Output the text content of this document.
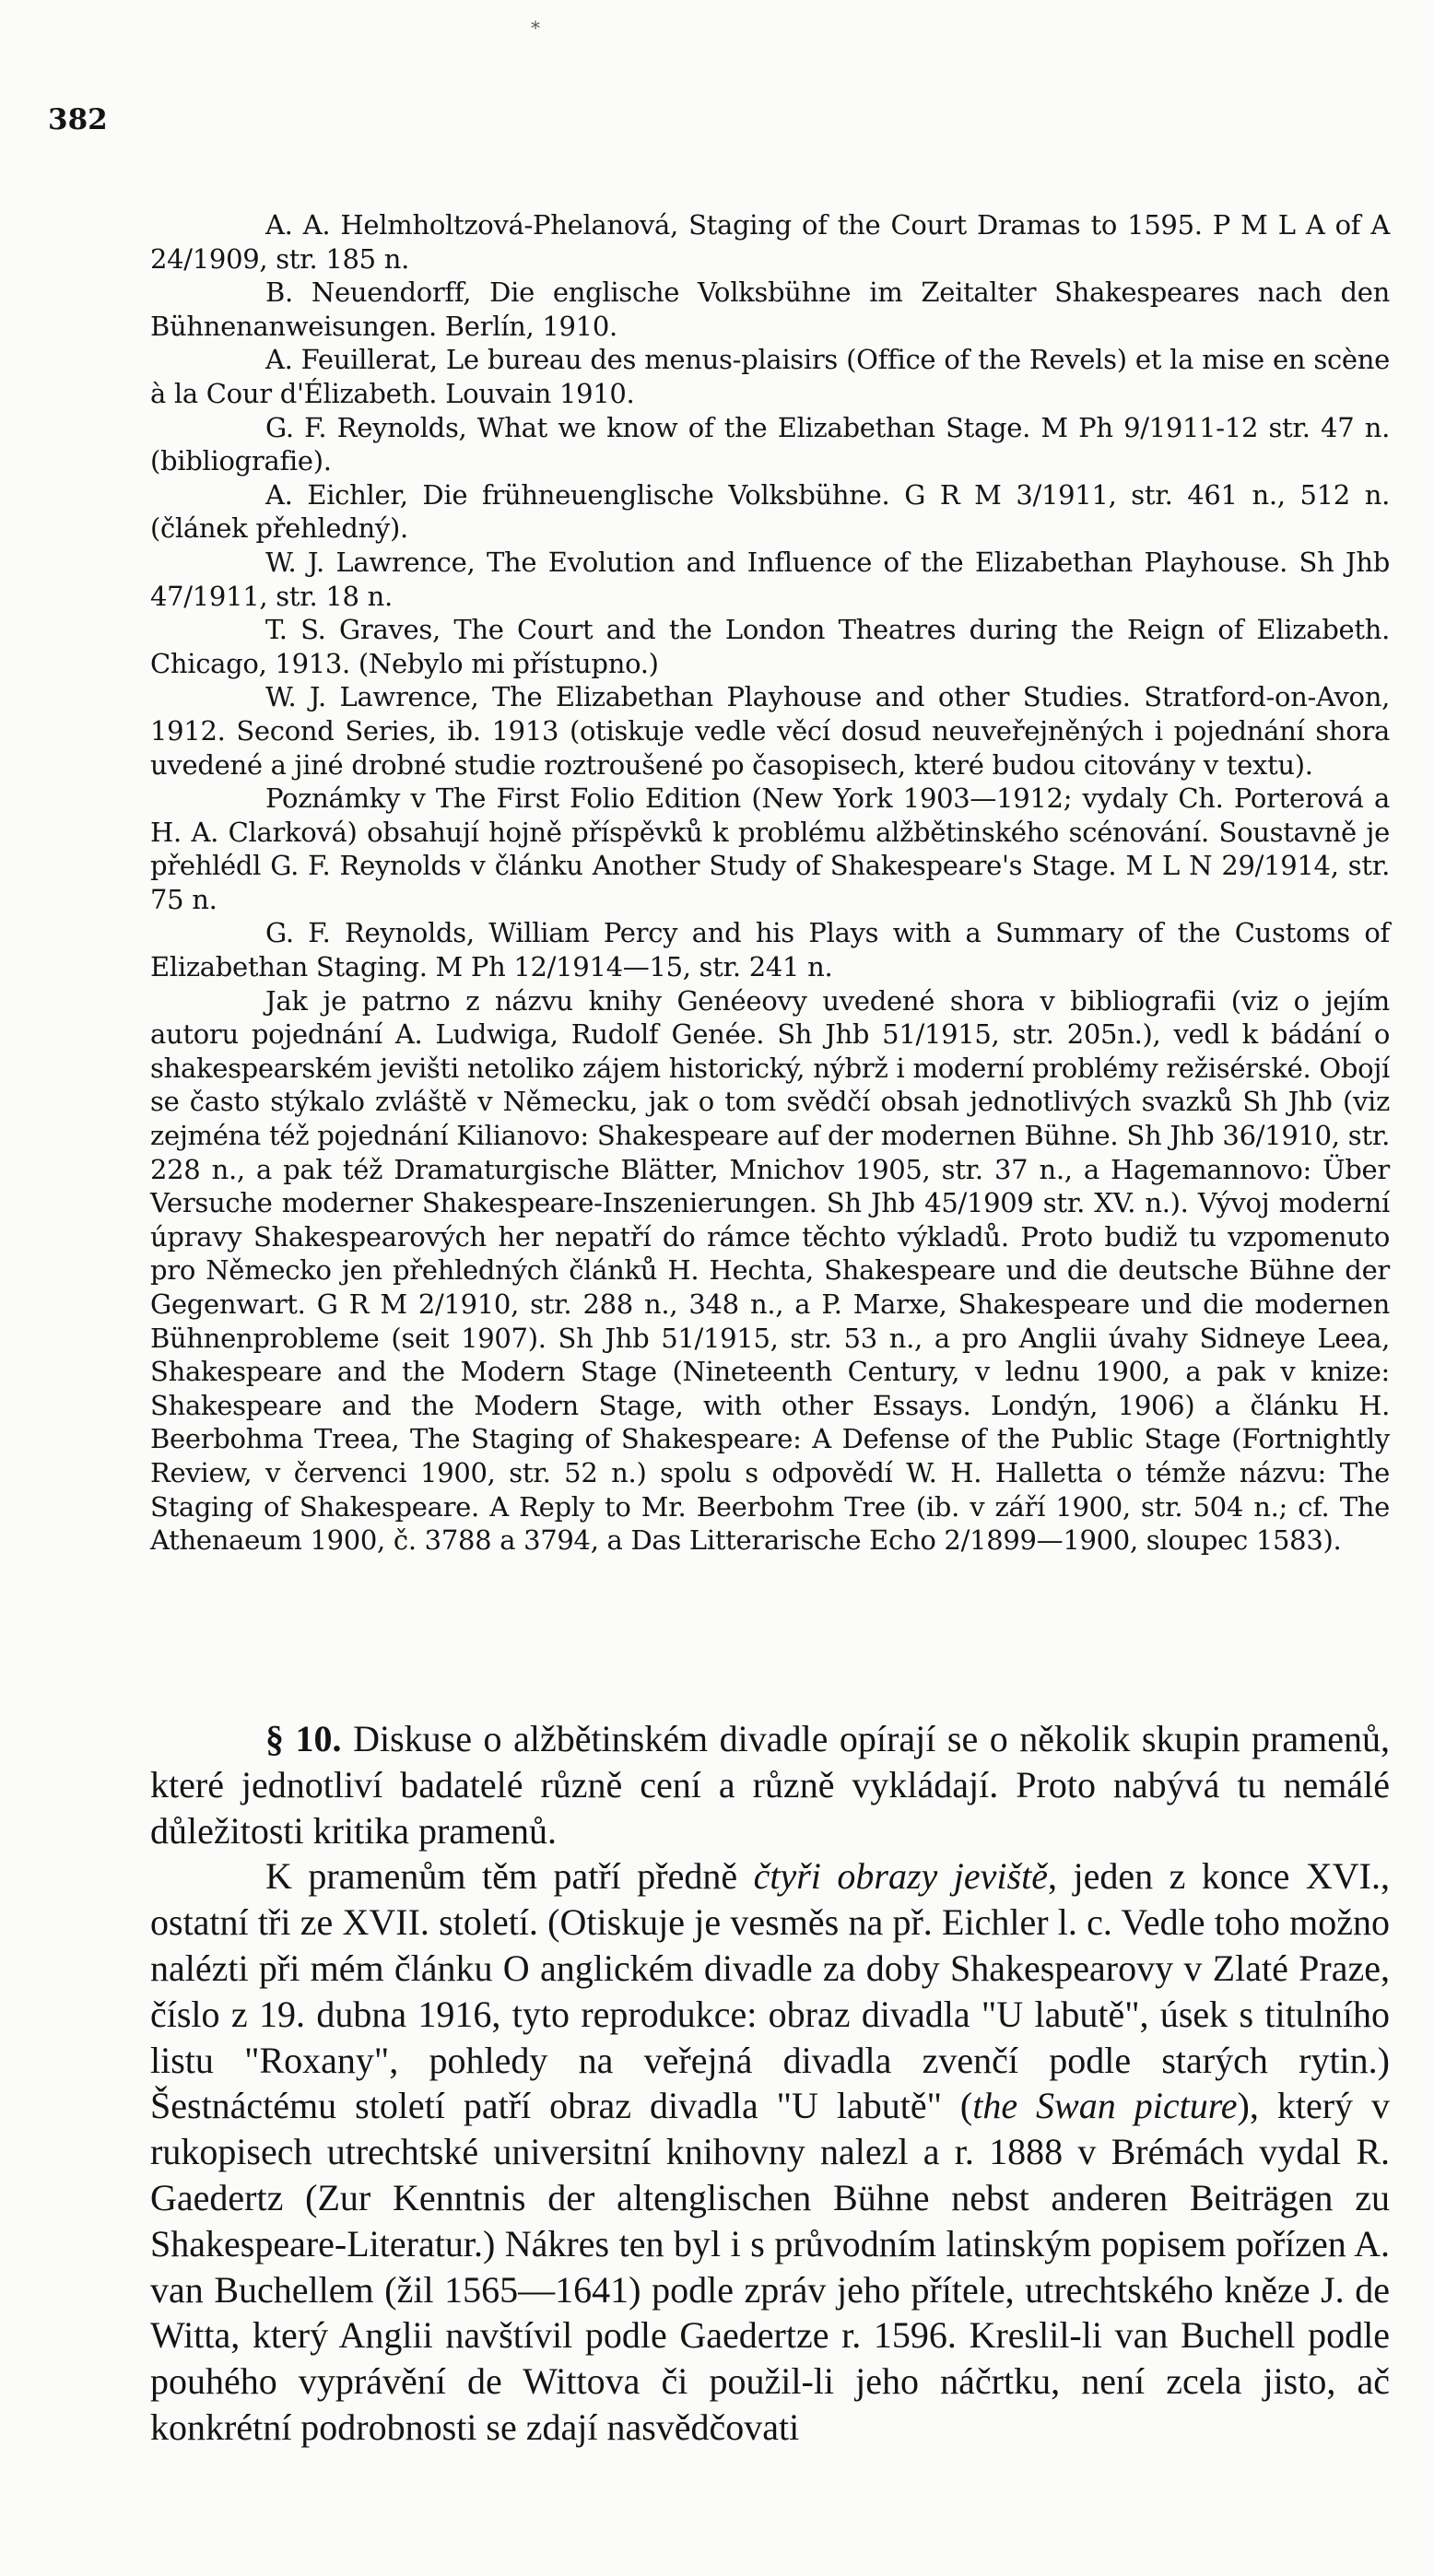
*
382

A. A. Helmholtzová-Phelanová, Staging of the Court Dramas to 1595. P M L A of A 24/1909, str. 185 n.

B. Neuendorff, Die englische Volksbühne im Zeitalter Shakespeares nach den Bühnenanweisungen. Berlín, 1910.

A. Feuillerat, Le bureau des menus-plaisirs (Office of the Revels) et la mise en scène à la Cour d'Élizabeth. Louvain 1910.

G. F. Reynolds, What we know of the Elizabethan Stage. M Ph 9/1911-12 str. 47 n. (bibliografie).

A. Eichler, Die frühneuenglische Volksbühne. G R M 3/1911, str. 461 n., 512 n. (článek přehledný).

W. J. Lawrence, The Evolution and Influence of the Elizabethan Playhouse. Sh Jhb 47/1911, str. 18 n.

T. S. Graves, The Court and the London Theatres during the Reign of Elizabeth. Chicago, 1913. (Nebylo mi přístupno.)

W. J. Lawrence, The Elizabethan Playhouse and other Studies. Stratford-on-Avon, 1912. Second Series, ib. 1913 (otiskuje vedle věcí dosud neuveřejněných i pojednání shora uvedené a jiné drobné studie roztroušené po časopisech, které budou citovány v textu).

Poznámky v The First Folio Edition (New York 1903—1912; vydaly Ch. Porterová a H. A. Clarková) obsahují hojně příspěvků k problému alžbětinského scénování. Soustavně je přehlédl G. F. Reynolds v článku Another Study of Shakespeare's Stage. M L N 29/1914, str. 75 n.

G. F. Reynolds, William Percy and his Plays with a Summary of the Customs of Elizabethan Staging. M Ph 12/1914—15, str. 241 n.

Jak je patrno z názvu knihy Genéeovy uvedené shora v bibliografii (viz o jejím autoru pojednání A. Ludwiga, Rudolf Genée. Sh Jhb 51/1915, str. 205n.), vedl k bádání o shakespearském jevišti netoliko zájem historický, nýbrž i moderní problémy režisérské. Obojí se často stýkalo zvláště v Německu, jak o tom svědčí obsah jednotlivých svazků Sh Jhb (viz zejména též pojednání Kilianovo: Shakespeare auf der modernen Bühne. Sh Jhb 36/1910, str. 228 n., a pak též Dramaturgische Blätter, Mnichov 1905, str. 37 n., a Hagemannovo: Über Versuche moderner Shakespeare-Inszenierungen. Sh Jhb 45/1909 str. XV. n.). Vývoj moderní úpravy Shakespearových her nepatří do rámce těchto výkladů. Proto budiž tu vzpomenuto pro Německo jen přehledných článků H. Hechta, Shakespeare und die deutsche Bühne der Gegenwart. G R M 2/1910, str. 288 n., 348 n., a P. Marxe, Shakespeare und die modernen Bühnenprobleme (seit 1907). Sh Jhb 51/1915, str. 53 n., a pro Anglii úvahy Sidneye Leea, Shakespeare and the Modern Stage (Nineteenth Century, v lednu 1900, a pak v knize: Shakespeare and the Modern Stage, with other Essays. Londýn, 1906) a článku H. Beerbohma Treea, The Staging of Shakespeare: A Defense of the Public Stage (Fortnightly Review, v červenci 1900, str. 52 n.) spolu s odpovědí W. H. Halletta o témže názvu: The Staging of Shakespeare. A Reply to Mr. Beerbohm Tree (ib. v září 1900, str. 504 n.; cf. The Athenaeum 1900, č. 3788 a 3794, a Das Litterarische Echo 2/1899—1900, sloupec 1583).

§ 10. Diskuse o alžbětinském divadle opírají se o několik skupin pramenů, které jednotliví badatelé různě cení a různě vykládají. Proto nabývá tu nemálé důležitosti kritika pramenů.

K pramenům těm patří předně čtyři obrazy jeviště, jeden z konce XVI., ostatní tři ze XVII. století. (Otiskuje je vesměs na př. Eichler l. c. Vedle toho možno nalézti při mém článku O anglickém divadle za doby Shakespearovy v Zlaté Praze, číslo z 19. dubna 1916, tyto reprodukce: obraz divadla "U labutě", úsek s titulního listu "Roxany", pohledy na veřejná divadla zvenčí podle starých rytin.) Šestnáctému století patří obraz divadla "U labutě" (the Swan picture), který v rukopisech utrechtské universitní knihovny nalezl a r. 1888 v Brémách vydal R. Gaedertz (Zur Kenntnis der altenglischen Bühne nebst anderen Beiträgen zu Shakespeare-Literatur.) Nákres ten byl i s průvodním latinským popisem pořízen A. van Buchellem (žil 1565—1641) podle zpráv jeho přítele, utrechtského kněze J. de Witta, který Anglii navštívil podle Gaedertze r. 1596. Kreslil-li van Buchell podle pouhého vyprávění de Wittova či použil-li jeho náčrtku, není zcela jisto, ač konkrétní podrobnosti se zdají nasvědčovati
